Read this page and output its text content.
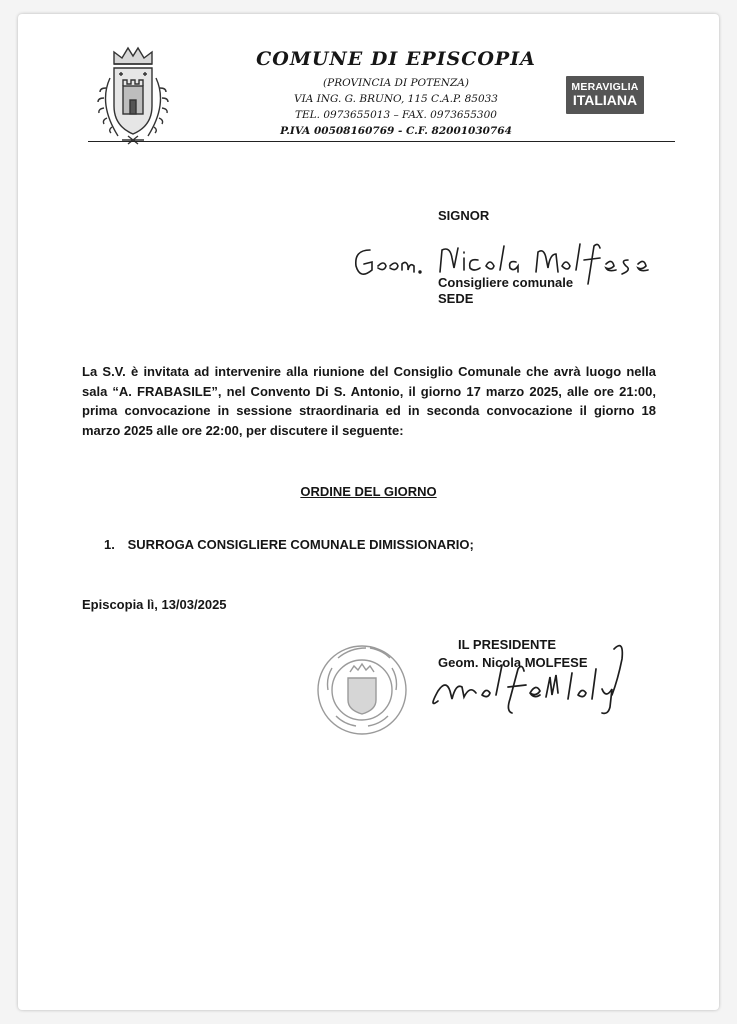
COMUNE DI EPISCOPIA
(PROVINCIA DI POTENZA)
VIA ING. G. BRUNO, 115 C.A.P. 85033
TEL. 0973655013 – FAX. 0973655300
P.IVA 00508160769 - C.F. 82001030764
MERAVIGLIA
ITALIANA
SIGNOR
Consigliere comunale
SEDE
La S.V. è invitata ad intervenire alla riunione del Consiglio Comunale che avrà luogo nella sala “A. FRABASILE”, nel Convento Di S. Antonio, il giorno 17 marzo 2025, alle ore 21:00, prima convocazione in sessione straordinaria ed in seconda convocazione il giorno 18 marzo 2025 alle ore 22:00, per discutere il seguente:
ORDINE DEL GIORNO
1. SURROGA CONSIGLIERE COMUNALE DIMISSIONARIO;
Episcopia lì, 13/03/2025
IL PRESIDENTE
Geom. Nicola MOLFESE
